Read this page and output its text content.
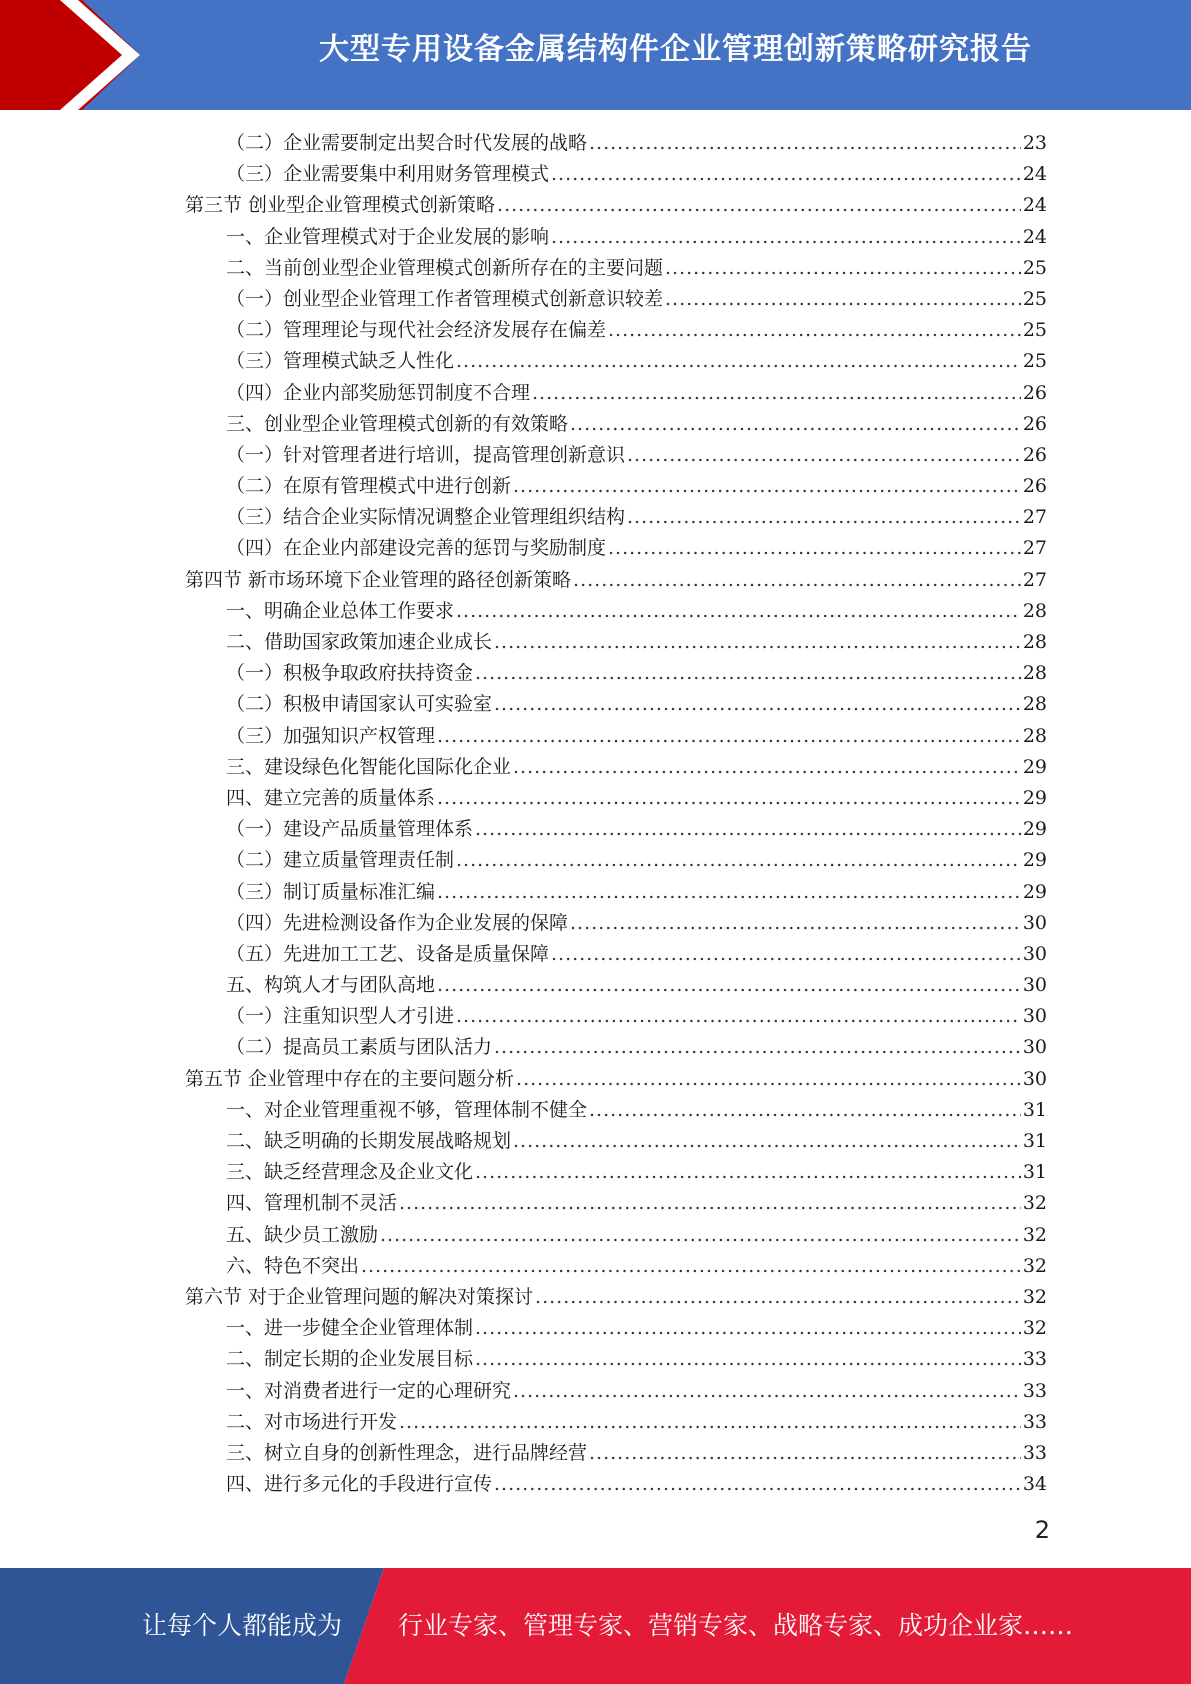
大型专用设备金属结构件企业管理创新策略研究报告
（二）企业需要制定出契合时代发展的战略 .....	23
（三）企业需要集中利用财务管理模式 .....	24
第三节 创业型企业管理模式创新策略 .....	24
一、企业管理模式对于企业发展的影响 .....	24
二、当前创业型企业管理模式创新所存在的主要问题 .....	25
（一）创业型企业管理工作者管理模式创新意识较差 .....	25
（二）管理理论与现代社会经济发展存在偏差 .....	25
（三）管理模式缺乏人性化 .....	25
（四）企业内部奖励惩罚制度不合理 .....	26
三、创业型企业管理模式创新的有效策略 .....	26
（一）针对管理者进行培训，提高管理创新意识 .....	26
（二）在原有管理模式中进行创新 .....	26
（三）结合企业实际情况调整企业管理组织结构 .....	27
（四）在企业内部建设完善的惩罚与奖励制度 .....	27
第四节 新市场环境下企业管理的路径创新策略 .....	27
一、明确企业总体工作要求 .....	28
二、借助国家政策加速企业成长 .....	28
（一）积极争取政府扶持资金 .....	28
（二）积极申请国家认可实验室 .....	28
（三）加强知识产权管理 .....	28
三、建设绿色化智能化国际化企业 .....	29
四、建立完善的质量体系 .....	29
（一）建设产品质量管理体系 .....	29
（二）建立质量管理责任制 .....	29
（三）制订质量标准汇编 .....	29
（四）先进检测设备作为企业发展的保障 .....	30
（五）先进加工工艺、设备是质量保障 .....	30
五、构筑人才与团队高地 .....	30
（一）注重知识型人才引进 .....	30
（二）提高员工素质与团队活力 .....	30
第五节 企业管理中存在的主要问题分析 .....	30
一、对企业管理重视不够，管理体制不健全 .....	31
二、缺乏明确的长期发展战略规划 .....	31
三、缺乏经营理念及企业文化 .....	31
四、管理机制不灵活 .....	32
五、缺少员工激励 .....	32
六、特色不突出 .....	32
第六节 对于企业管理问题的解决对策探讨 .....	32
一、进一步健全企业管理体制 .....	32
二、制定长期的企业发展目标 .....	33
一、对消费者进行一定的心理研究 .....	33
二、对市场进行开发 .....	33
三、树立自身的创新性理念，进行品牌经营 .....	33
四、进行多元化的手段进行宣传 .....	34
2
让每个人都能成为 行业专家、管理专家、营销专家、战略专家、成功企业家……
